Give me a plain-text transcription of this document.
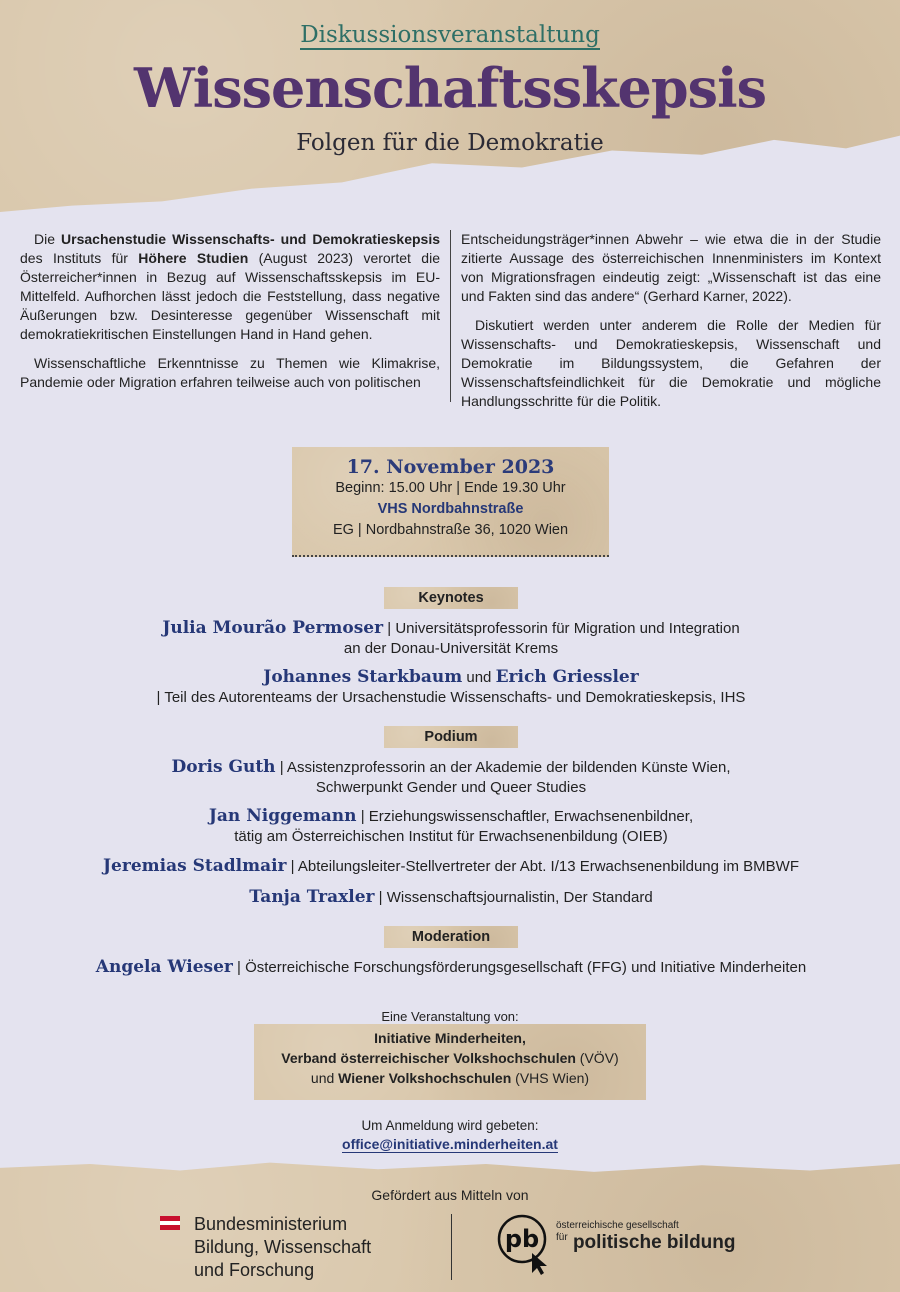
Diskussionsveranstaltung
Wissenschaftsskepsis
Folgen für die Demokratie

Die Ursachenstudie Wissenschafts- und Demokratieskepsis des Instituts für Höhere Studien (August 2023) verortet die Österreicher*innen in Bezug auf Wissenschaftsskepsis im EU-Mittelfeld. Aufhorchen lässt jedoch die Feststellung, dass negative Äußerungen bzw. Desinteresse gegenüber Wissenschaft mit demokratiekritischen Einstellungen Hand in Hand gehen.

Wissenschaftliche Erkenntnisse zu Themen wie Klimakrise, Pandemie oder Migration erfahren teilweise auch von politischen

Entscheidungsträger*innen Abwehr – wie etwa die in der Studie zitierte Aussage des österreichischen Innenministers im Kontext von Migrationsfragen eindeutig zeigt: „Wissenschaft ist das eine und Fakten sind das andere“ (Gerhard Karner, 2022).

Diskutiert werden unter anderem die Rolle der Medien für Wissenschafts- und Demokratieskepsis, Wissenschaft und Demokratie im Bildungssystem, die Gefahren der Wissenschaftsfeindlichkeit für die Demokratie und mögliche Handlungsschritte für die Politik.

17. November 2023
Beginn: 15.00 Uhr | Ende 19.30 Uhr
VHS Nordbahnstraße
EG | Nordbahnstraße 36, 1020 Wien
Keynotes
Julia Mourão Permoser | Universitätsprofessorin für Migration und Integration
an der Donau-Universität Krems
Johannes Starkbaum und Erich Griessler
| Teil des Autorenteams der Ursachenstudie Wissenschafts- und Demokratieskepsis, IHS
Podium
Doris Guth | Assistenzprofessorin an der Akademie der bildenden Künste Wien,
Schwerpunkt Gender und Queer Studies
Jan Niggemann | Erziehungswissenschaftler, Erwachsenenbildner,
tätig am Österreichischen Institut für Erwachsenenbildung (OIEB)
Jeremias Stadlmair | Abteilungsleiter-Stellvertreter der Abt. I/13 Erwachsenenbildung im BMBWF
Tanja Traxler | Wissenschaftsjournalistin, Der Standard
Moderation
Angela Wieser | Österreichische Forschungsförderungsgesellschaft (FFG) und Initiative Minderheiten
Eine Veranstaltung von:
Initiative Minderheiten,
Verband österreichischer Volkshochschulen (VÖV)
und Wiener Volkshochschulen (VHS Wien)
Um Anmeldung wird gebeten:
office@initiative.minderheiten.at
Gefördert aus Mitteln von
Bundesministerium
Bildung, Wissenschaft
und Forschung
pb österreichische gesellschaft
$^{für}$ politische bildung
